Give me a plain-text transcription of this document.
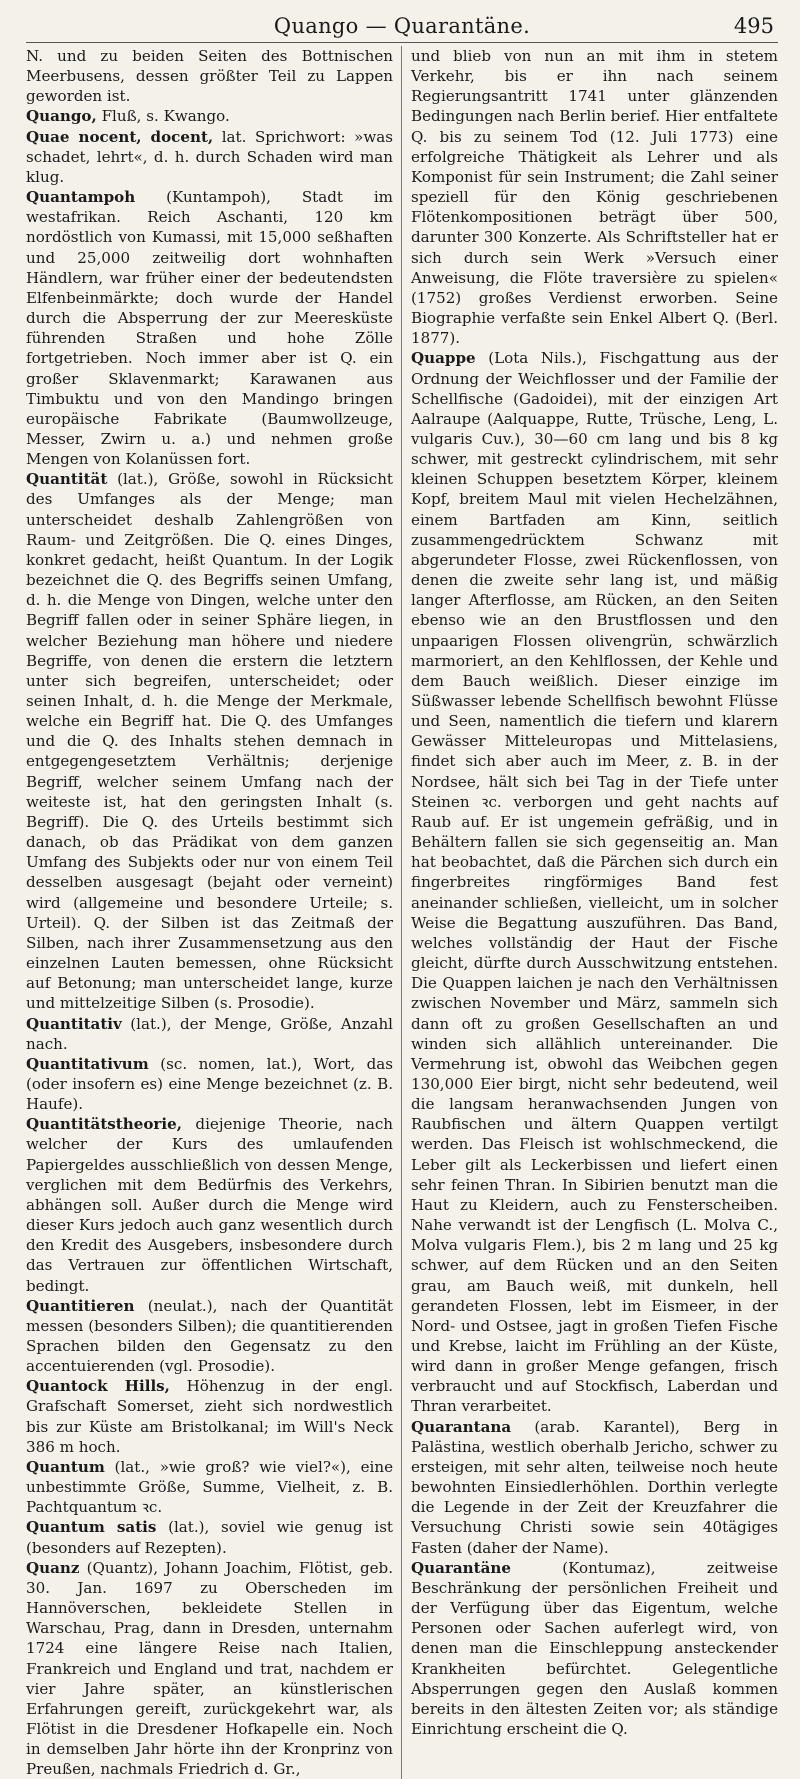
Quango — Quarantäne.	495

N. und zu beiden Seiten des Bottnischen Meerbusens, dessen größter Teil zu Lappen geworden ist.

Quango, Fluß, s. Kwango.

Quae nocent, docent, lat. Sprichwort: »was schadet, lehrt«, d. h. durch Schaden wird man klug.

Quantampoh (Kuntampoh), Stadt im westafrikan. Reich Aschanti, 120 km nordöstlich von Kumassi, mit 15,000 seßhaften und 25,000 zeitweilig dort wohnhaften Händlern, war früher einer der bedeutendsten Elfenbeinmärkte; doch wurde der Handel durch die Absperrung der zur Meeresküste führenden Straßen und hohe Zölle fortgetrieben. Noch immer aber ist Q. ein großer Sklavenmarkt; Karawanen aus Timbuktu und von den Mandingo bringen europäische Fabrikate (Baumwollzeuge, Messer, Zwirn u. a.) und nehmen große Mengen von Kolanüssen fort.

Quantität (lat.), Größe, sowohl in Rücksicht des Umfanges als der Menge; man unterscheidet deshalb Zahlengrößen von Raum- und Zeitgrößen. Die Q. eines Dinges, konkret gedacht, heißt Quantum. In der Logik bezeichnet die Q. des Begriffs seinen Umfang, d. h. die Menge von Dingen, welche unter den Begriff fallen oder in seiner Sphäre liegen, in welcher Beziehung man höhere und niedere Begriffe, von denen die erstern die letztern unter sich begreifen, unterscheidet; oder seinen Inhalt, d. h. die Menge der Merkmale, welche ein Begriff hat. Die Q. des Umfanges und die Q. des Inhalts stehen demnach in entgegengesetztem Verhältnis; derjenige Begriff, welcher seinem Umfang nach der weiteste ist, hat den geringsten Inhalt (s. Begriff). Die Q. des Urteils bestimmt sich danach, ob das Prädikat von dem ganzen Umfang des Subjekts oder nur von einem Teil desselben ausgesagt (bejaht oder verneint) wird (allgemeine und besondere Urteile; s. Urteil). Q. der Silben ist das Zeitmaß der Silben, nach ihrer Zusammensetzung aus den einzelnen Lauten bemessen, ohne Rücksicht auf Betonung; man unterscheidet lange, kurze und mittelzeitige Silben (s. Prosodie).

Quantitativ (lat.), der Menge, Größe, Anzahl nach.

Quantitativum (sc. nomen, lat.), Wort, das (oder insofern es) eine Menge bezeichnet (z. B. Haufe).

Quantitätstheorie, diejenige Theorie, nach welcher der Kurs des umlaufenden Papiergeldes ausschließlich von dessen Menge, verglichen mit dem Bedürfnis des Verkehrs, abhängen soll. Außer durch die Menge wird dieser Kurs jedoch auch ganz wesentlich durch den Kredit des Ausgebers, insbesondere durch das Vertrauen zur öffentlichen Wirtschaft, bedingt.

Quantitieren (neulat.), nach der Quantität messen (besonders Silben); die quantitierenden Sprachen bilden den Gegensatz zu den accentuierenden (vgl. Prosodie).

Quantock Hills, Höhenzug in der engl. Grafschaft Somerset, zieht sich nordwestlich bis zur Küste am Bristolkanal; im Will's Neck 386 m hoch.

Quantum (lat., »wie groß? wie viel?«), eine unbestimmte Größe, Summe, Vielheit, z. B. Pachtquantum ꝛc.

Quantum satis (lat.), soviel wie genug ist (besonders auf Rezepten).

Quanz (Quantz), Johann Joachim, Flötist, geb. 30. Jan. 1697 zu Oberscheden im Hannöverschen, bekleidete Stellen in Warschau, Prag, dann in Dresden, unternahm 1724 eine längere Reise nach Italien, Frankreich und England und trat, nachdem er vier Jahre später, an künstlerischen Erfahrungen gereift, zurückgekehrt war, als Flötist in die Dresdener Hofkapelle ein. Noch in demselben Jahr hörte ihn der Kronprinz von Preußen, nachmals Friedrich d. Gr.,

und blieb von nun an mit ihm in stetem Verkehr, bis er ihn nach seinem Regierungsantritt 1741 unter glänzenden Bedingungen nach Berlin berief. Hier entfaltete Q. bis zu seinem Tod (12. Juli 1773) eine erfolgreiche Thätigkeit als Lehrer und als Komponist für sein Instrument; die Zahl seiner speziell für den König geschriebenen Flötenkompositionen beträgt über 500, darunter 300 Konzerte. Als Schriftsteller hat er sich durch sein Werk »Versuch einer Anweisung, die Flöte traversière zu spielen« (1752) großes Verdienst erworben. Seine Biographie verfaßte sein Enkel Albert Q. (Berl. 1877).

Quappe (Lota Nils.), Fischgattung aus der Ordnung der Weichflosser und der Familie der Schellfische (Gadoidei), mit der einzigen Art Aalraupe (Aalquappe, Rutte, Trüsche, Leng, L. vulgaris Cuv.), 30—60 cm lang und bis 8 kg schwer, mit gestreckt cylindrischem, mit sehr kleinen Schuppen besetztem Körper, kleinem Kopf, breitem Maul mit vielen Hechelzähnen, einem Bartfaden am Kinn, seitlich zusammengedrücktem Schwanz mit abgerundeter Flosse, zwei Rückenflossen, von denen die zweite sehr lang ist, und mäßig langer Afterflosse, am Rücken, an den Seiten ebenso wie an den Brustflossen und den unpaarigen Flossen olivengrün, schwärzlich marmoriert, an den Kehlflossen, der Kehle und dem Bauch weißlich. Dieser einzige im Süßwasser lebende Schellfisch bewohnt Flüsse und Seen, namentlich die tiefern und klarern Gewässer Mitteleuropas und Mittelasiens, findet sich aber auch im Meer, z. B. in der Nordsee, hält sich bei Tag in der Tiefe unter Steinen ꝛc. verborgen und geht nachts auf Raub auf. Er ist ungemein gefräßig, und in Behältern fallen sie sich gegenseitig an. Man hat beobachtet, daß die Pärchen sich durch ein fingerbreites ringförmiges Band fest aneinander schließen, vielleicht, um in solcher Weise die Begattung auszuführen. Das Band, welches vollständig der Haut der Fische gleicht, dürfte durch Ausschwitzung entstehen. Die Quappen laichen je nach den Verhältnissen zwischen November und März, sammeln sich dann oft zu großen Gesellschaften an und winden sich allählich untereinander. Die Vermehrung ist, obwohl das Weibchen gegen 130,000 Eier birgt, nicht sehr bedeutend, weil die langsam heranwachsenden Jungen von Raubfischen und ältern Quappen vertilgt werden. Das Fleisch ist wohlschmeckend, die Leber gilt als Leckerbissen und liefert einen sehr feinen Thran. In Sibirien benutzt man die Haut zu Kleidern, auch zu Fensterscheiben. Nahe verwandt ist der Lengfisch (L. Molva C., Molva vulgaris Flem.), bis 2 m lang und 25 kg schwer, auf dem Rücken und an den Seiten grau, am Bauch weiß, mit dunkeln, hell gerandeten Flossen, lebt im Eismeer, in der Nord- und Ostsee, jagt in großen Tiefen Fische und Krebse, laicht im Frühling an der Küste, wird dann in großer Menge gefangen, frisch verbraucht und auf Stockfisch, Laberdan und Thran verarbeitet.

Quarantana (arab. Karantel), Berg in Palästina, westlich oberhalb Jericho, schwer zu ersteigen, mit sehr alten, teilweise noch heute bewohnten Einsiedlerhöhlen. Dorthin verlegte die Legende in der Zeit der Kreuzfahrer die Versuchung Christi sowie sein 40tägiges Fasten (daher der Name).

Quarantäne (Kontumaz), zeitweise Beschränkung der persönlichen Freiheit und der Verfügung über das Eigentum, welche Personen oder Sachen auferlegt wird, von denen man die Einschleppung ansteckender Krankheiten befürchtet. Gelegentliche Absperrungen gegen den Auslaß kommen bereits in den ältesten Zeiten vor; als ständige Einrichtung erscheint die Q.
